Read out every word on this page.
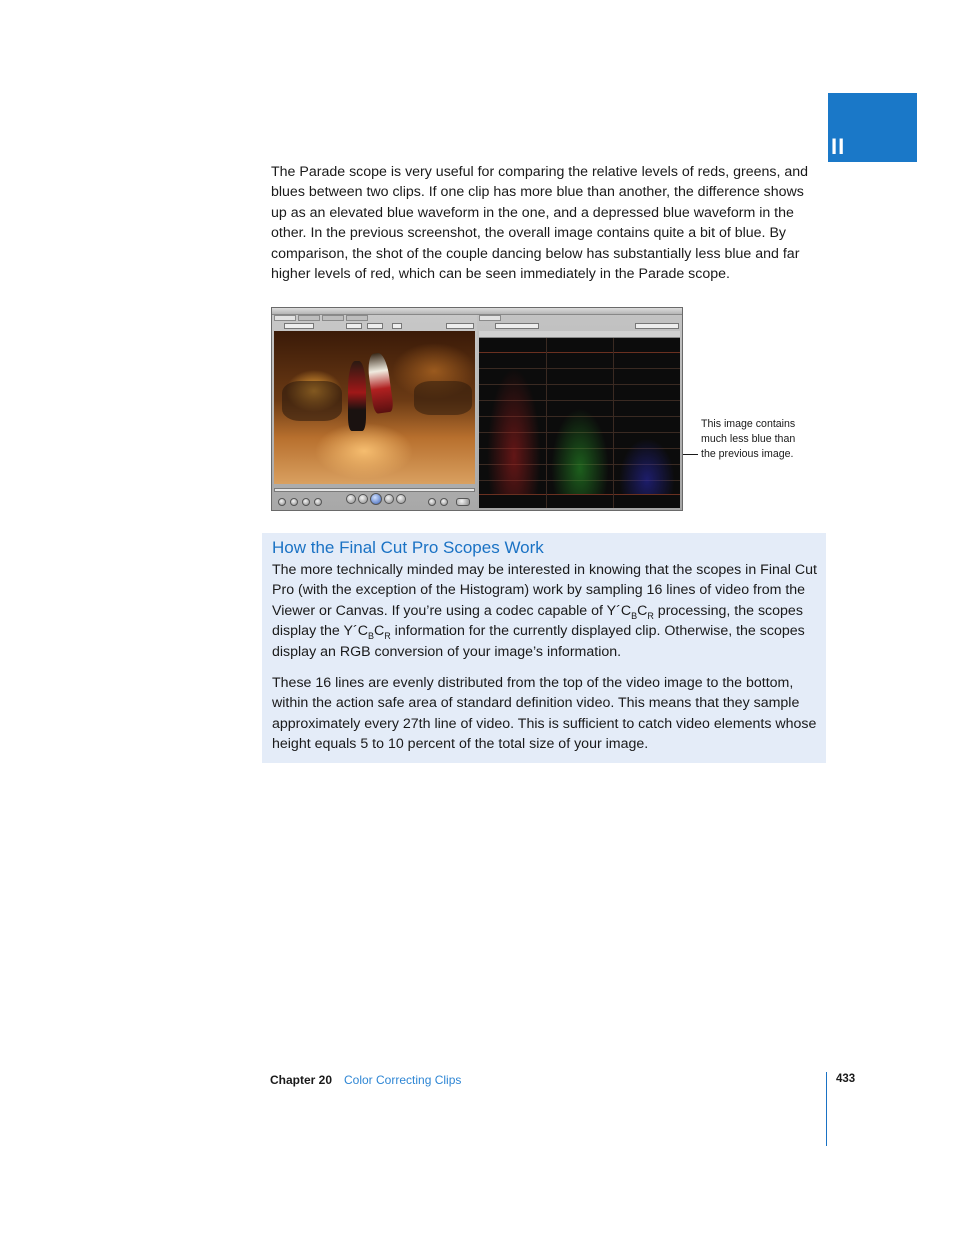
II

The Parade scope is very useful for comparing the relative levels of reds, greens, and blues between two clips. If one clip has more blue than another, the difference shows up as an elevated blue waveform in the one, and a depressed blue waveform in the other. In the previous screenshot, the overall image contains quite a bit of blue. By comparison, the shot of the couple dancing below has substantially less blue and far higher levels of red, which can be seen immediately in the Parade scope.

This image contains much less blue than the previous image.
How the Final Cut Pro Scopes Work

The more technically minded may be interested in knowing that the scopes in Final Cut Pro (with the exception of the Histogram) work by sampling 16 lines of video from the Viewer or Canvas. If you’re using a codec capable of $Y´C_BC_R$ processing, the scopes display the $Y´C_BC_R$ information for the currently displayed clip. Otherwise, the scopes display an RGB conversion of your image’s information.

These 16 lines are evenly distributed from the top of the video image to the bottom, within the action safe area of standard definition video. This means that they sample approximately every 27th line of video. This is sufficient to catch video elements whose height equals 5 to 10 percent of the total size of your image.

Chapter 20 Color Correcting Clips	433
